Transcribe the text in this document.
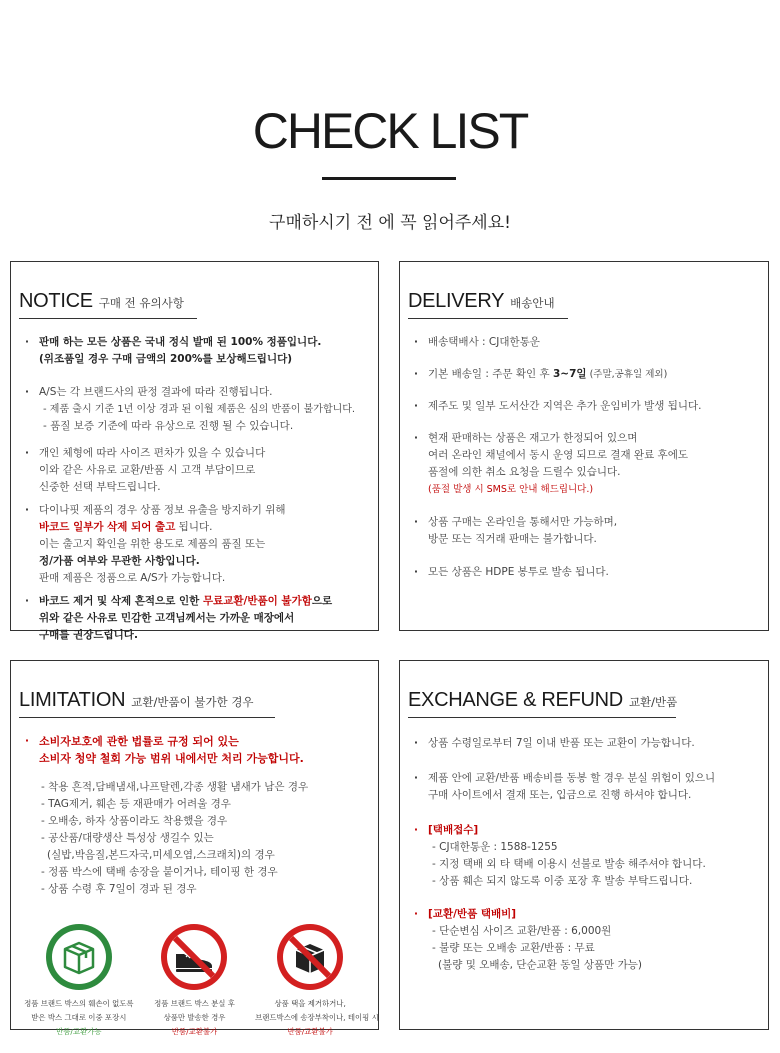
CHECK LIST
구매하시기 전 에 꼭 읽어주세요!
NOTICE 구매 전 유의사항
· 판매 하는 모든 상품은 국내 정식 발매 된 100% 정품입니다.
(위조품일 경우 구매 금액의 200%를 보상해드립니다)
· A/S는 각 브랜드사의 판정 결과에 따라 진행됩니다.
- 제품 출시 기준 1년 이상 경과 된 이월 제품은 심의 반품이 불가합니다.
- 품질 보증 기준에 따라 유상으로 진행 될 수 있습니다.
· 개인 체형에 따라 사이즈 편차가 있을 수 있습니다
이와 같은 사유로 교환/반품 시 고객 부담이므로
신중한 선택 부탁드립니다.
· 다이나핏 제품의 경우 상품 정보 유출을 방지하기 위해
바코드 일부가 삭제 되어 출고 됩니다.
이는 출고지 확인을 위한 용도로 제품의 품질 또는
정/가품 여부와 무관한 사항입니다.
판매 제품은 정품으로 A/S가 가능합니다.
· 바코드 제거 및 삭제 흔적으로 인한 무료교환/반품이 불가함으로
위와 같은 사유로 민감한 고객님께서는 가까운 매장에서
구매를 권장드립니다.
DELIVERY 배송안내
· 배송택배사 : CJ대한통운
· 기본 배송일 : 주문 확인 후 3~7일 (주말,공휴일 제외)
· 제주도 및 일부 도서산간 지역은 추가 운임비가 발생 됩니다.
· 현재 판매하는 상품은 재고가 한정되어 있으며
여러 온라인 채널에서 동시 운영 되므로 결재 완료 후에도
품절에 의한 취소 요청을 드릴수 있습니다.
(품절 발생 시 SMS로 안내 해드립니다.)
· 상품 구매는 온라인을 통해서만 가능하며,
방문 또는 직거래 판매는 불가합니다.
· 모든 상품은 HDPE 봉투로 발송 됩니다.
LIMITATION 교환/반품이 불가한 경우
· 소비자보호에 관한 법률로 규정 되어 있는
소비자 청약 철회 가능 범위 내에서만 처리 가능합니다.
- 착용 흔적,담배냄새,나프탈렌,각종 생활 냄새가 남은 경우
- TAG제거, 훼손 등 재판매가 어려울 경우
- 오배송, 하자 상품이라도 착용했을 경우
- 공산품/대량생산 특성상 생길수 있는
(실밥,박음질,본드자국,미세오염,스크래치)의 경우
- 정품 박스에 택배 송장을 붙이거나, 테이핑 한 경우
- 상품 수령 후 7일이 경과 된 경우
정품 브랜드 박스의 훼손이 없도록
받은 박스 그대로 이중 포장시
반품/교환가능
정품 브랜드 박스 분실 후
상품만 발송한 경우
반품/교환불가
상품 택을 제거하거나,
브랜드박스에 송장부착이나, 테이핑 시
반품/교환불가
EXCHANGE & REFUND 교환/반품
· 상품 수령일로부터 7일 이내 반품 또는 교환이 가능합니다.
· 제품 안에 교환/반품 배송비를 동봉 할 경우 분실 위험이 있으니
구매 사이트에서 결재 또는, 입금으로 진행 하셔야 합니다.
· [택배접수]
- CJ대한통운 : 1588-1255
- 지정 택배 외 타 택배 이용시 선불로 발송 해주셔야 합니다.
- 상품 훼손 되지 않도록 이중 포장 후 발송 부탁드립니다.
· [교환/반품 택배비]
- 단순변심 사이즈 교환/반품 : 6,000원
- 불량 또는 오배송 교환/반품 : 무료
(불량 및 오배송, 단순교환 동일 상품만 가능)
